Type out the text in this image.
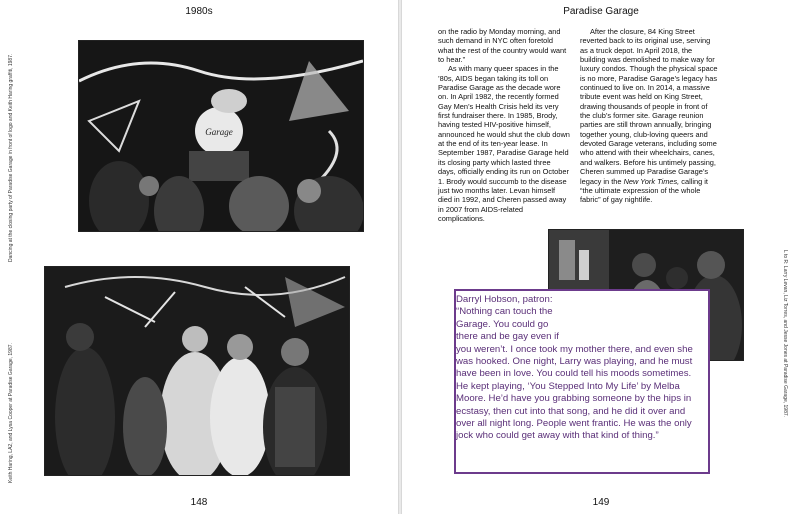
1980s
Dancing at the closing party of Paradise Garage in front of logo and Keith Haring graffiti, 1987.
Keith Haring, LA2, and Lysa Cooper at Paradise Garage, 1987.
Garage
148
Paradise Garage

on the radio by Monday morning, and such demand in NYC often foretold what the rest of the country would want to hear.”

As with many queer spaces in the ’80s, AIDS began taking its toll on Paradise Garage as the decade wore on. In April 1982, the recently formed Gay Men’s Health Crisis held its very first fundraiser there. In 1985, Brody, having tested HIV-positive himself, announced he would shut the club down at the end of its ten-year lease. In September 1987, Paradise Garage held its closing party which lasted three days, officially ending its run on October 1. Brody would succumb to the disease just two months later. Levan himself died in 1992, and Cheren passed away in 2007 from AIDS-related complications.

After the closure, 84 King Street reverted back to its original use, serving as a truck depot. In April 2018, the building was demolished to make way for luxury condos. Though the physical space is no more, Paradise Garage’s legacy has continued to live on. In 2014, a massive tribute event was held on King Street, drawing thousands of people in front of the club’s former site. Garage reunion parties are still thrown annually, bringing together young, club-loving queers and devoted Garage veterans, including some who attend with their wheelchairs, canes, and walkers. Before his untimely passing, Cheren summed up Paradise Garage’s legacy in the New York Times, calling it “the ultimate expression of the whole fabric” of gay nightlife.

L to R: Larry Levan, Liz Torres, and Jesse Jones at Paradise Garage, 1987.

Darryl Hobson, patron: “Nothing can touch the Garage. You could go there and be gay even if

you weren’t. I once took my mother there, and even she was hooked. One night, Larry was playing, and he must have been in love. You could tell his moods sometimes. He kept playing, ‘You Stepped Into My Life’ by Melba Moore. He’d have you grabbing someone by the hips in ecstasy, then cut into that song, and he did it over and over all night long. People went frantic. He was the only jock who could get away with that kind of thing.”

149
